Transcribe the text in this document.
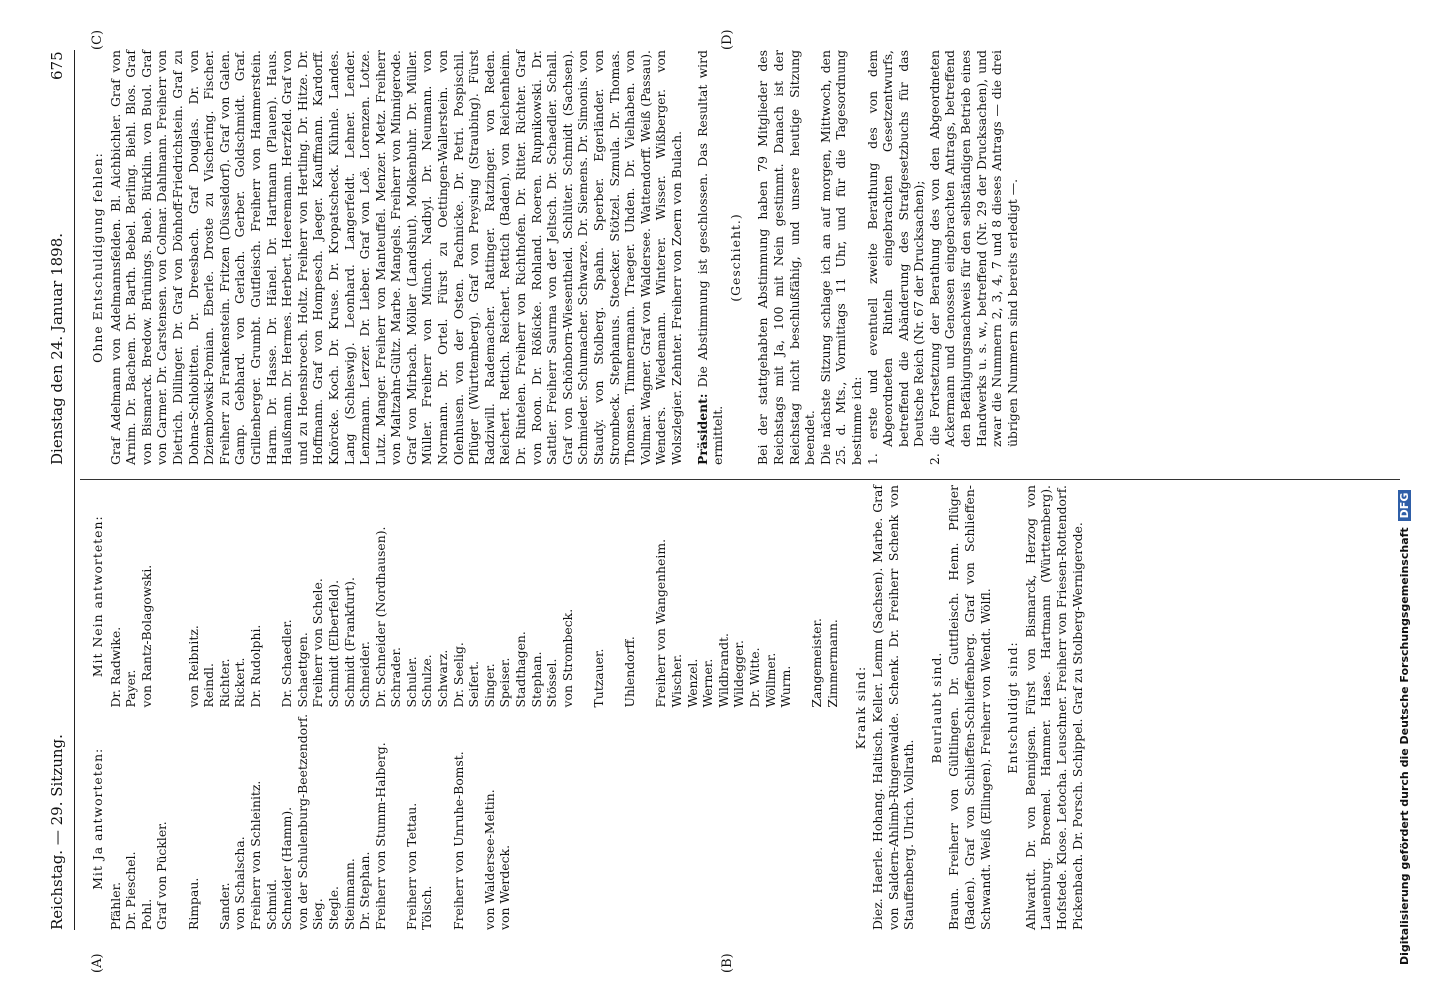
Reichstag. — 29. Sitzung.
Dienstag den 24. Januar 1898.
675
(A)	(B)
(C)	(D)
Mit Ja antworteten:
Pfähler. Dr. Pieschel. Pohl. Graf von Pückler. Rimpau. Sander. von Schalscha. Freiherr von Schleinitz. Schmid. Schneider (Hamm). von der Schulenburg-Beetzendorf. Sieg. Stegle. Steinmann. Dr. Stephan. Freiherr von Stumm-Halberg. Freiherr von Tettau. Tölsch. Freiherr von Unruhe-Bomst. von Waldersee-Meltin. von Werdeck.
Mit Nein antworteten: Dr. Radwike. Payer. von Rantz-Bolagowski.	von Reibnitz. Reindl. Richter. Rickert. Dr. Rudolphi. Dr. Schaedler. Schaettgen. Freiherr von Schele. Schmidt (Elberfeld). Schmidt (Frankfurt). Schneider. Dr. Schneider (Nordhausen). Schrader. Schuler. Schulze. Schwarz. Dr. Seelig. Seifert. Singer. Speiser. Stadthagen. Stephan. Stössel. von Strombeck. Tutzauer. Uhlendorff. Freiherr von Wangenheim. Wischer. Wenzel. Werner. Wildbrandt. Wildegger. Dr. Witte. Wöllmer. Wurm. Zangemeister. Zimmermann. Krank sind: Diez. Haerle. Hohang. Haltisch. Keller. Lemm (Sachsen). Marbe. Graf von Saldern-Ahlimb-Ringenwalde. Schenk. Dr. Freiherr Schenk von Stauffenberg. Ulrich. Vollrath.
Beurlaubt sind. Braun. Freiherr von Gültlingen. Dr. Guttfleisch. Henn. Pflüger (Baden). Graf von Schlieffen-Schlieffenberg. Graf von Schlieffen-Schwandt. Weiß (Ellingen). Freiherr von Wendt. Wölfl. Entschuldigt sind: Ahlwardt. Dr. von Bennigsen. Fürst von Bismarck, Herzog von Lauenburg. Broemel. Hammer. Hase. Hartmann (Württemberg). Hofstede. Klose. Letocha. Leuschner. Freiherr von Friesen-Rottendorf. Pickenbach. Dr. Porsch. Schippel. Graf zu Stolberg-Wernigerode.
Ohne Entschuldigung fehlen: Graf Adelmann von Adelmannsfelden. Bl. Aichbichler. Graf von Arnim. Dr. Bachem. Dr. Barth. Bebel. Berling. Biehl. Blos. Graf von Bismarck. Bredow. Brünings. Bueb. Bürklin. von Buol. Graf von Carmer. Dr. Carstensen. von Colmar. Dahlmann. Freiherr von Dietrich. Dillinger. Dr. Graf von Dönhoff-Friedrichstein. Graf zu Dohna-Schlobitten. Dr. Dreesbach. Graf Douglas. Dr. von Dziembowski-Pomian. Eberle. Droste zu Vischering. Fischer. Freiherr zu Frankenstein. Fritzen (Düsseldorf). Graf von Galen. Gamp. Gebhard. von Gerlach. Gerber. Goldschmidt. Graf. Grillenberger. Grumbt. Gutfleisch. Freiherr von Hammerstein. Harm. Dr. Hasse. Dr. Hänel. Dr. Hartmann (Plauen). Haus. Haußmann. Dr. Hermes. Herbert. Heeremann. Herzfeld. Graf von und zu Hoensbroech. Holtz. Freiherr von Hertling. Dr. Hitze. Dr. Hoffmann. Graf von Hompesch. Jaeger. Kauffmann. Kardorff. Knörcke. Koch. Dr. Kruse. Dr. Kropatscheck. Kühnle. Landes. Lang (Schleswig). Leonhard. Langerfeldt. Lehner. Lender. Lenzmann. Lerzer. Dr. Lieber. Graf von Loë. Lorenzen. Lotze. Lutz. Manger. Freiherr von Manteuffel. Menzer. Metz. Freiherr von Maltzahn-Gültz. Marbe. Mangels. Freiherr von Minnigerode. Graf von Mirbach. Möller (Landshut). Molkenbuhr. Dr. Müller. Müller. Freiherr von Münch. Nadbyl. Dr. Neumann. von Normann. Dr. Ortel. Fürst zu Oettingen-Wallerstein. von Olenhusen. von der Osten. Pachnicke. Dr. Petri. Pospischil. Pflüger (Württemberg). Graf von Preysing (Straubing). Fürst Radziwill. Rademacher. Rattinger. Ratzinger. von Reden. Reichert. Rettich. Reichert. Rettich (Baden). von Reichenheim. Dr. Rintelen. Freiherr von Richthofen. Dr. Ritter. Richter. Graf von Roon. Dr. Rößicke. Rohland. Roeren. Rupnikowski. Dr. Sattler. Freiherr Saurma von der Jeltsch. Dr. Schaedler. Schall. Graf von Schönborn-Wiesentheid. Schlüter. Schmidt (Sachsen). Schmieder. Schumacher. Schwarze. Dr. Siemens. Dr. Simonis. von Staudy. von Stolberg. Spahn. Sperber. Egerländer. von Strombeck. Stephanus. Stoecker. Stötzel. Szmula. Dr. Thomas. Thomsen. Timmermann. Traeger. Uhden. Dr. Vielhaben. von Vollmar. Wagner. Graf von Waldersee. Wattendorff. Weiß (Passau). Wenders. Wiedemann. Winterer. Wisser. Wißberger. von Wolszlegier. Zehnter. Freiherr von Zoern von Bulach. Präsident: Die Abstimmung ist geschlossen. Das Resultat wird ermittelt.
(Geschieht.) Bei der stattgehabten Abstimmung haben 79 Mitglieder des Reichstags mit Ja, 100 mit Nein gestimmt. Danach ist der Reichstag nicht beschlußfähig, und unsere heutige Sitzung beendet. Die nächste Sitzung schlage ich an auf morgen, Mittwoch, den 25. d. Mts., Vormittags 11 Uhr, und für die Tagesordnung bestimme ich: 1. erste und eventuell zweite Berathung des von dem Abgeordneten Rinteln eingebrachten Gesetzentwurfs, betreffend die Abänderung des Strafgesetzbuchs für das Deutsche Reich (Nr. 67 der Drucksachen); 2. die Fortsetzung der Berathung des von den Abgeordneten Ackermann und Genossen eingebrachten Antrags, betreffend den Befähigungsnachweis für den selbständigen Betrieb eines Handwerks u. s. w., betreffend (Nr. 29 der Drucksachen), und zwar die Nummern 2, 3, 4, 7 und 8 dieses Antrags — die drei übrigen Nummern sind bereits erledigt —.
Digitalisierung gefördert durch die Deutsche ForschungsgemeinschaftDFG
